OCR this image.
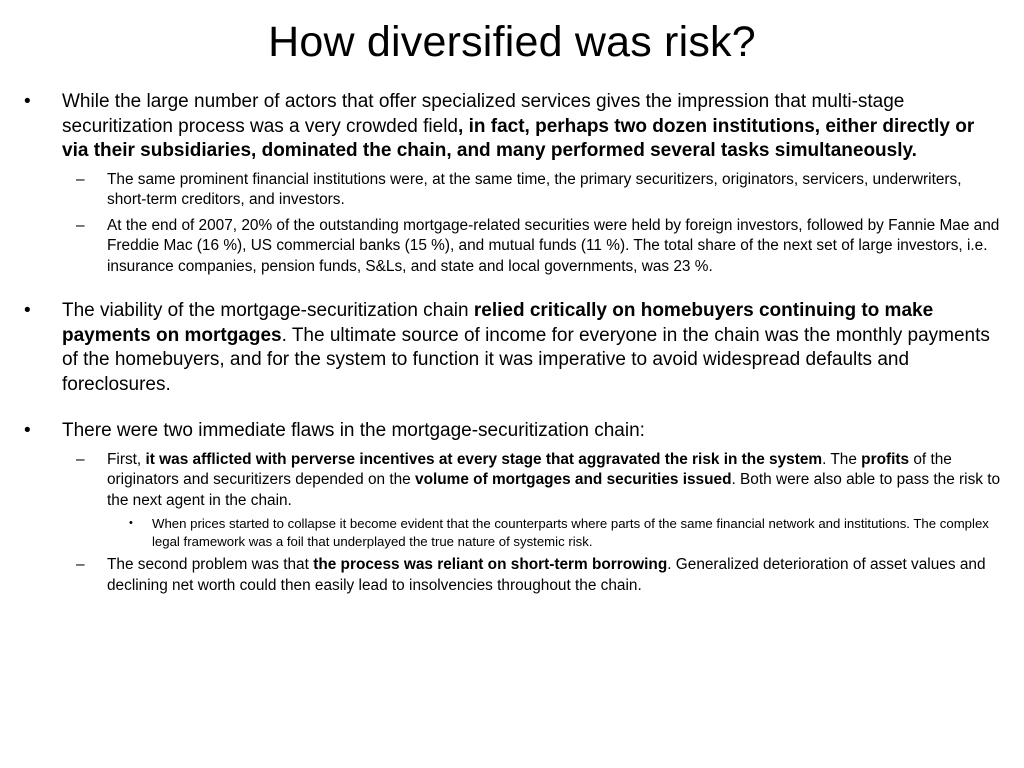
How diversified was risk?
• While the large number of actors that offer specialized services gives the impression that multi-stage securitization process was a very crowded field, in fact, perhaps two dozen institutions, either directly or via their subsidiaries, dominated the chain, and many performed several tasks simultaneously.
– The same prominent financial institutions were, at the same time, the primary securitizers, originators, servicers, underwriters, short-term creditors, and investors.
– At the end of 2007, 20% of the outstanding mortgage-related securities were held by foreign investors, followed by Fannie Mae and Freddie Mac (16 %), US commercial banks (15 %), and mutual funds (11 %). The total share of the next set of large investors, i.e. insurance companies, pension funds, S&Ls, and state and local governments, was 23 %.
• The viability of the mortgage-securitization chain relied critically on homebuyers continuing to make payments on mortgages. The ultimate source of income for everyone in the chain was the monthly payments of the homebuyers, and for the system to function it was imperative to avoid widespread defaults and foreclosures.
• There were two immediate flaws in the mortgage-securitization chain:
– First, it was afflicted with perverse incentives at every stage that aggravated the risk in the system. The profits of the originators and securitizers depended on the volume of mortgages and securities issued. Both were also able to pass the risk to the next agent in the chain.
• When prices started to collapse it become evident that the counterparts where parts of the same financial network and institutions. The complex legal framework was a foil that underplayed the true nature of systemic risk.
– The second problem was that the process was reliant on short-term borrowing. Generalized deterioration of asset values and declining net worth could then easily lead to insolvencies throughout the chain.
